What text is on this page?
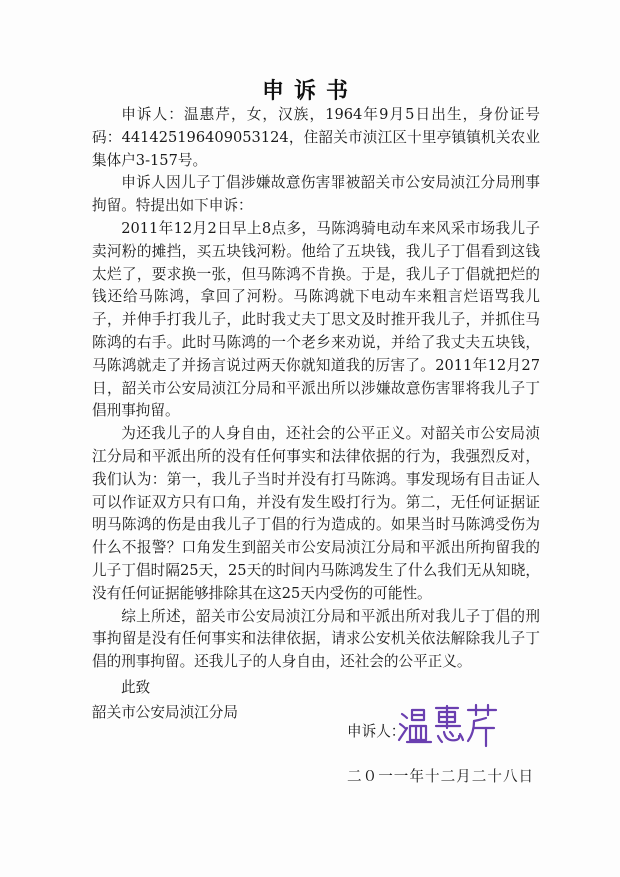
申诉书

申诉人：温惠芹，女，汉族，1964年9月5日出生，身份证号码：441425196409053124，住韶关市浈江区十里亭镇镇机关农业集体户3-157号。

申诉人因儿子丁倡涉嫌故意伤害罪被韶关市公安局浈江分局刑事拘留。特提出如下申诉：

2011年12月2日早上8点多，马陈鸿骑电动车来风采市场我儿子卖河粉的摊挡，买五块钱河粉。他给了五块钱，我儿子丁倡看到这钱太烂了，要求换一张，但马陈鸿不肯换。于是，我儿子丁倡就把烂的钱还给马陈鸿，拿回了河粉。马陈鸿就下电动车来粗言烂语骂我儿子，并伸手打我儿子，此时我丈夫丁思文及时推开我儿子，并抓住马陈鸿的右手。此时马陈鸿的一个老乡来劝说，并给了我丈夫五块钱，马陈鸿就走了并扬言说过两天你就知道我的厉害了。2011年12月27日，韶关市公安局浈江分局和平派出所以涉嫌故意伤害罪将我儿子丁倡刑事拘留。

为还我儿子的人身自由，还社会的公平正义。对韶关市公安局浈江分局和平派出所的没有任何事实和法律依据的行为，我强烈反对，我们认为：第一，我儿子当时并没有打马陈鸿。事发现场有目击证人可以作证双方只有口角，并没有发生殴打行为。第二，无任何证据证明马陈鸿的伤是由我儿子丁倡的行为造成的。如果当时马陈鸿受伤为什么不报警？口角发生到韶关市公安局浈江分局和平派出所拘留我的儿子丁倡时隔25天，25天的时间内马陈鸿发生了什么我们无从知晓，没有任何证据能够排除其在这25天内受伤的可能性。

综上所述，韶关市公安局浈江分局和平派出所对我儿子丁倡的刑事拘留是没有任何事实和法律依据，请求公安机关依法解除我儿子丁倡的刑事拘留。还我儿子的人身自由，还社会的公平正义。

此致
韶关市公安局浈江分局
申诉人：
二０一一年十二月二十八日
